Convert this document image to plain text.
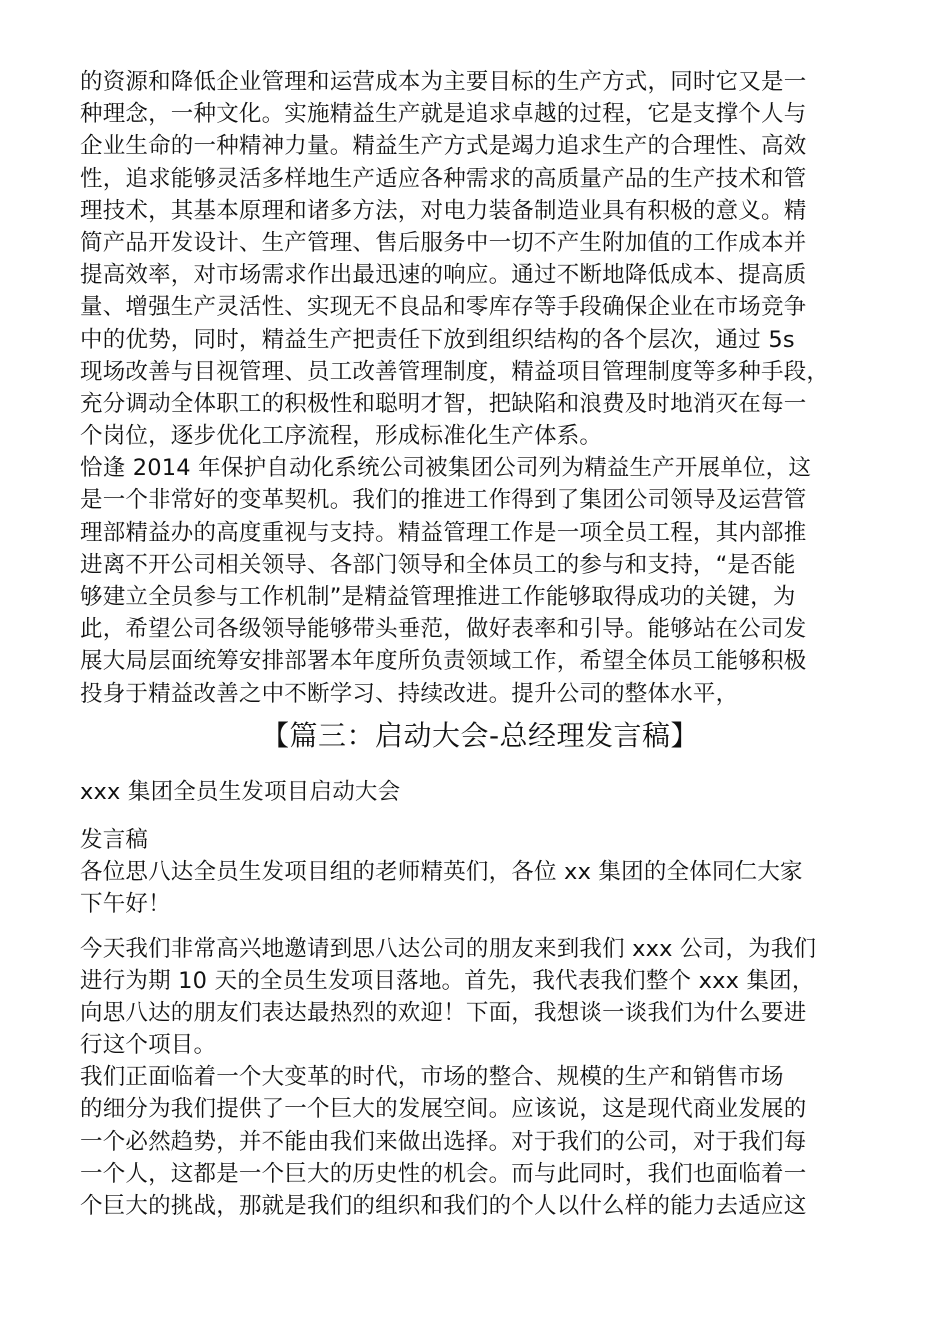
的资源和降低企业管理和运营成本为主要目标的生产方式，同时它又是一
种理念，一种文化。实施精益生产就是追求卓越的过程，它是支撑个人与
企业生命的一种精神力量。精益生产方式是竭力追求生产的合理性、高效
性，追求能够灵活多样地生产适应各种需求的高质量产品的生产技术和管
理技术，其基本原理和诸多方法，对电力装备制造业具有积极的意义。精
简产品开发设计、生产管理、售后服务中一切不产生附加值的工作成本并
提高效率，对市场需求作出最迅速的响应。通过不断地降低成本、提高质
量、增强生产灵活性、实现无不良品和零库存等手段确保企业在市场竞争
中的优势，同时，精益生产把责任下放到组织结构的各个层次，通过 5s
现场改善与目视管理、员工改善管理制度，精益项目管理制度等多种手段，
充分调动全体职工的积极性和聪明才智，把缺陷和浪费及时地消灭在每一
个岗位，逐步优化工序流程，形成标准化生产体系。
恰逢 2014 年保护自动化系统公司被集团公司列为精益生产开展单位，这
是一个非常好的变革契机。我们的推进工作得到了集团公司领导及运营管
理部精益办的高度重视与支持。精益管理工作是一项全员工程，其内部推
进离不开公司相关领导、各部门领导和全体员工的参与和支持，“是否能
够建立全员参与工作机制”是精益管理推进工作能够取得成功的关键，为
此，希望公司各级领导能够带头垂范，做好表率和引导。能够站在公司发
展大局层面统筹安排部署本年度所负责领域工作，希望全体员工能够积极
投身于精益改善之中不断学习、持续改进。提升公司的整体水平，
【篇三：启动大会-总经理发言稿】
xxx 集团全员生发项目启动大会
发言稿
各位思八达全员生发项目组的老师精英们，各位 xx 集团的全体同仁大家
下午好！
今天我们非常高兴地邀请到思八达公司的朋友来到我们 xxx 公司，为我们
进行为期 10 天的全员生发项目落地。首先，我代表我们整个 xxx 集团，
向思八达的朋友们表达最热烈的欢迎！下面，我想谈一谈我们为什么要进
行这个项目。
我们正面临着一个大变革的时代，市场的整合、规模的生产和销售市场
的细分为我们提供了一个巨大的发展空间。应该说，这是现代商业发展的
一个必然趋势，并不能由我们来做出选择。对于我们的公司，对于我们每
一个人，这都是一个巨大的历史性的机会。而与此同时，我们也面临着一
个巨大的挑战，那就是我们的组织和我们的个人以什么样的能力去适应这
